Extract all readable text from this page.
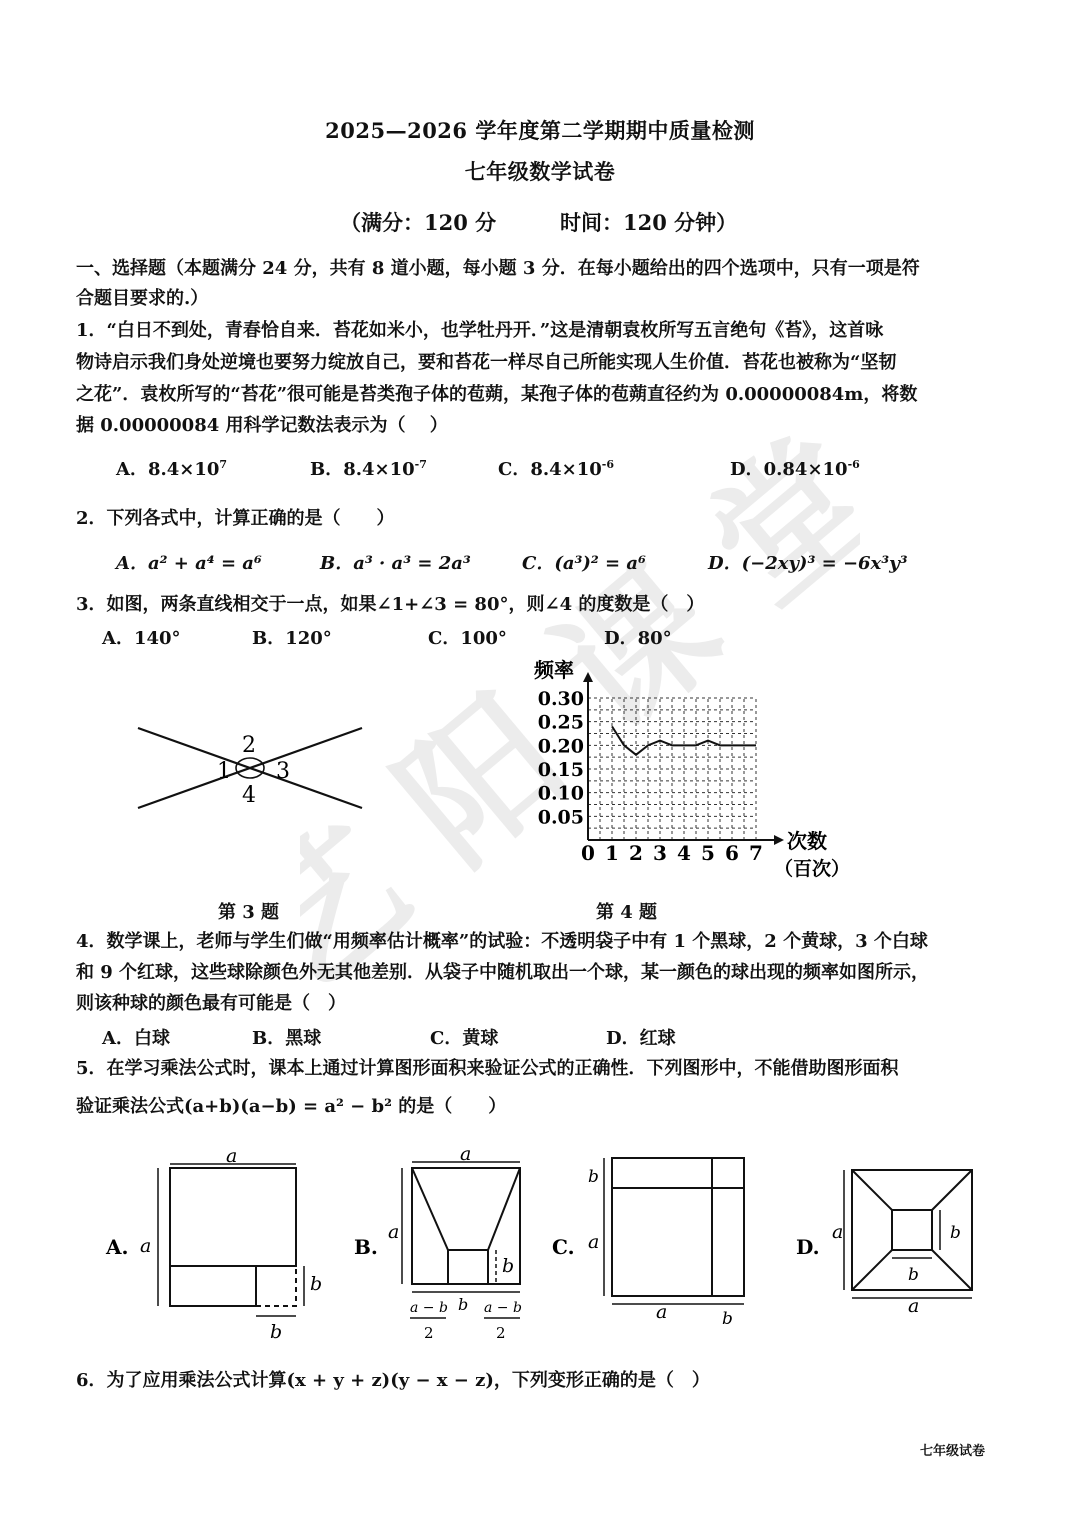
艺 阳 课 堂
2025—2026 学年度第二学期期中质量检测
七年级数学试卷
（满分：120 分	时间：120 分钟）
一、选择题（本题满分 24 分，共有 8 道小题，每小题 3 分．在每小题给出的四个选项中，只有一项是符
合题目要求的.）
1．“白日不到处，青春恰自来．苔花如米小，也学牡丹开．”这是清朝袁枚所写五言绝句《苔》，这首咏
物诗启示我们身处逆境也要努力绽放自己，要和苔花一样尽自己所能实现人生价值．苔花也被称为“坚韧
之花”．袁枚所写的“苔花”很可能是苔类孢子体的苞蒴，某孢子体的苞蒴直径约为 0.00000084m，将数
据 0.00000084 用科学记数法表示为（　 ）
A．$8.4\times 10^7$	B．$8.4\times 10^{-7}$	C．$8.4\times 10^{-6}$	D．$0.84\times 10^{-6}$
2．下列各式中，计算正确的是（　　）
A．a² + a⁴ = a⁶	B．a³ · a³ = 2a³	C．(a³)² = a⁶	D．(−2xy)³ = −6x³y³
3．如图，两条直线相交于一点，如果∠1+∠3 = 80°，则∠4 的度数是（　）
A．140°	B．120°	C．100°	D．80°
1
2
3
4
第 3 题
0 1 2 3 4 5 6 7
0.05
0.10
0.15
0.20
0.25
0.30
频率
次数
（百次）
第 4 题
4．数学课上，老师与学生们做“用频率估计概率”的试验：不透明袋子中有 1 个黑球，2 个黄球，3 个白球
和 9 个红球，这些球除颜色外无其他差别．从袋子中随机取出一个球，某一颜色的球出现的频率如图所示，
则该种球的颜色最有可能是（　）
A．白球	B．黑球	C．黄球	D．红球
5．在学习乘法公式时，课本上通过计算图形面积来验证公式的正确性．下列图形中，不能借助图形面积
验证乘法公式(a+b)(a−b) = a² − b² 的是（　　）
A. a
a
b
b
B.
a
a
b
b
a − b
2
a − b
2
C. a
b
a	b
D.
a	b
b
a
6．为了应用乘法公式计算(x + y + z)(y − x − z)，下列变形正确的是（　）
七年级试卷
